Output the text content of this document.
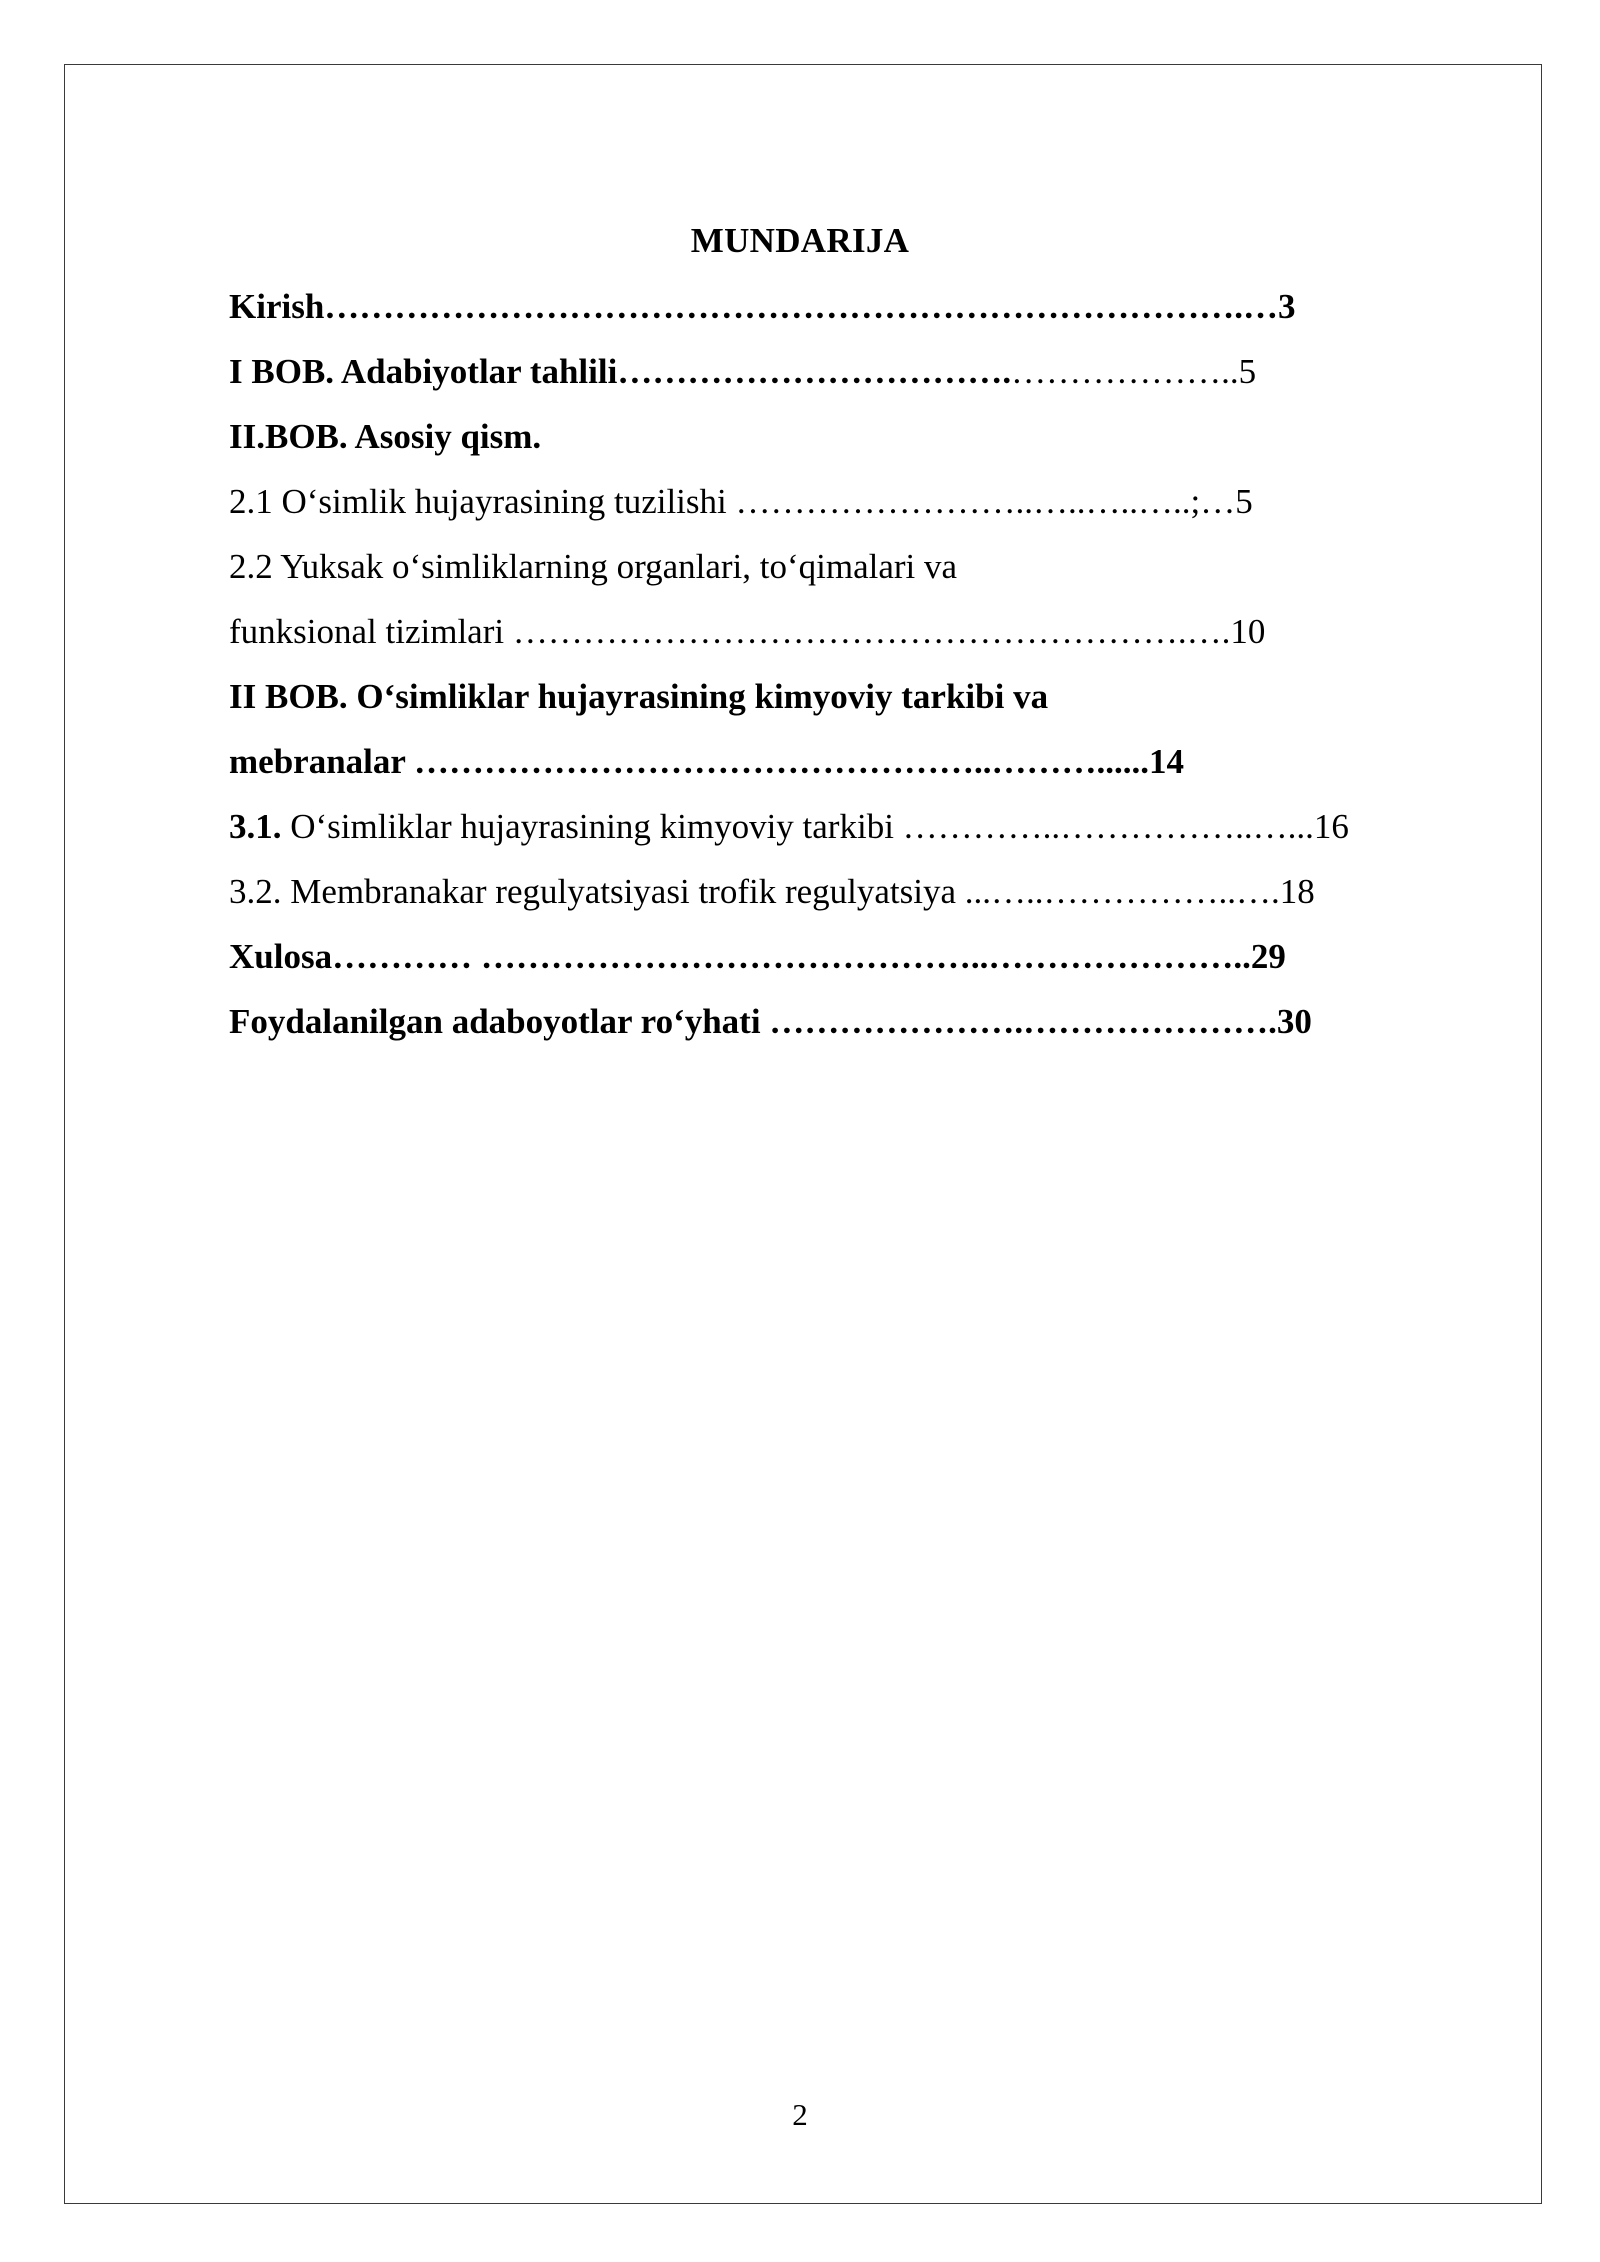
MUNDARIJA
Kirish…………………………………………………………………….…3
I BOB. Adabiyotlar tahlili…………………………….………………..5
II.BOB. Asosiy qism.
2.1 O‘simlik hujayrasining tuzilishi ……………………..…..…..…..;…5
2.2 Yuksak o‘simliklarning organlari, to‘qimalari va
funksional tizimlari ………………………………………………….….10
II BOB. O‘simliklar hujayrasining kimyoviy tarkibi va
mebranalar …………………………………………..………......14
3.1. O‘simliklar hujayrasining kimyoviy tarkibi …………..……………..…...16
3.2. Membranakar regulyatsiyasi trofik regulyatsiya ...…..……………..….18
Xulosa………… ……………………………………..…………………..29
Foydalanilgan adaboyotlar ro‘yhati ………………….………………….30
2
